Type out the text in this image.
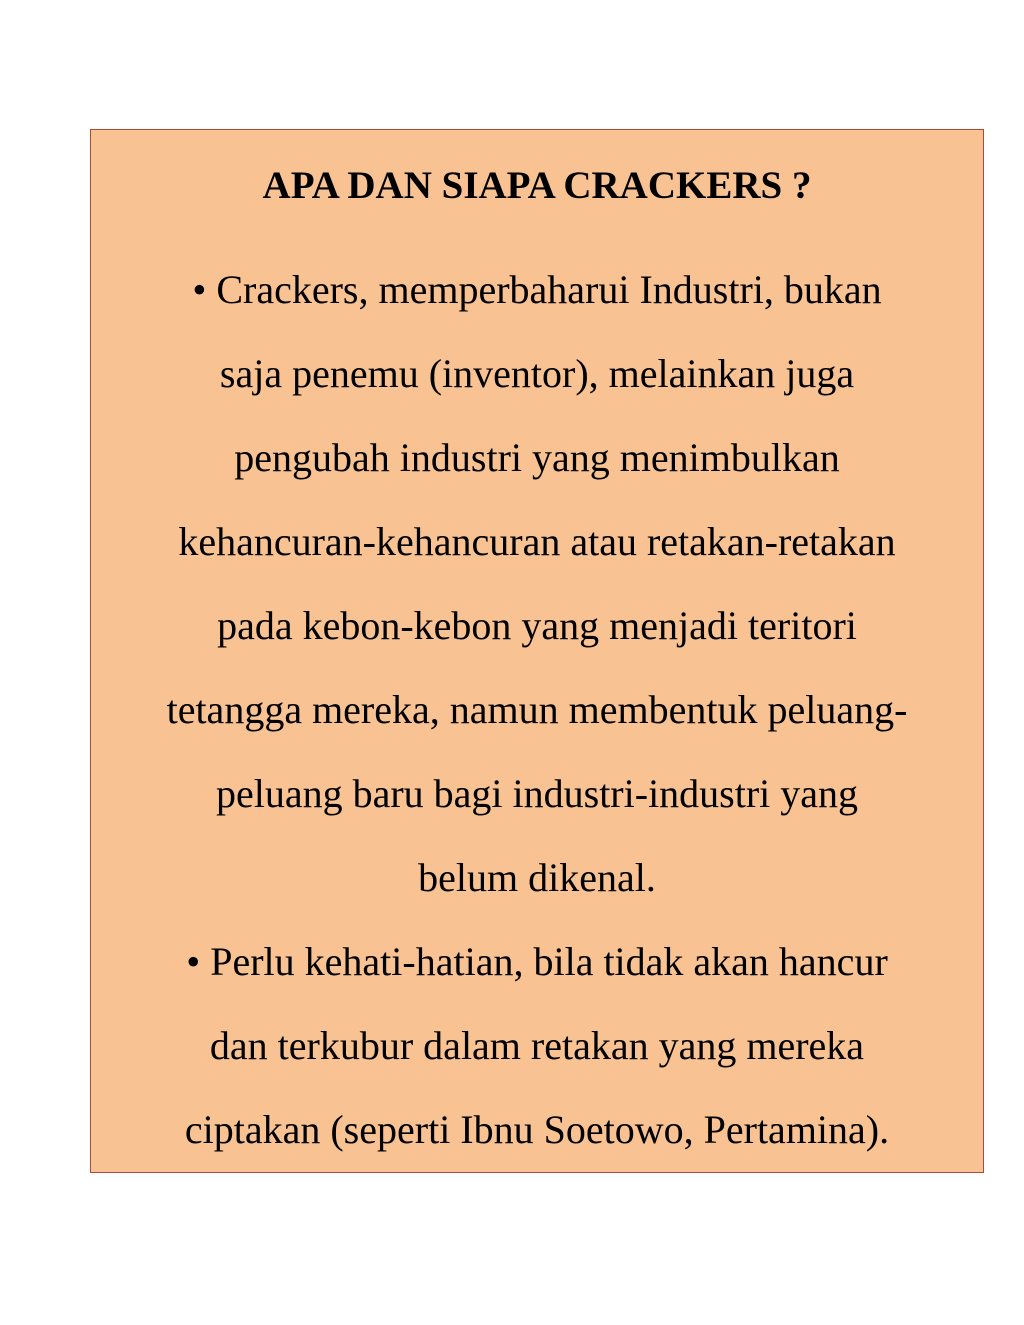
APA DAN SIAPA CRACKERS ?
• Crackers, memperbaharui Industri, bukan
saja penemu (inventor), melainkan juga
pengubah industri yang menimbulkan
kehancuran-kehancuran atau retakan-retakan
pada kebon-kebon yang menjadi teritori
tetangga mereka, namun membentuk peluang-
peluang baru bagi industri-industri yang
belum dikenal.
• Perlu kehati-hatian, bila tidak akan hancur
dan terkubur dalam retakan yang mereka
ciptakan (seperti Ibnu Soetowo, Pertamina).
